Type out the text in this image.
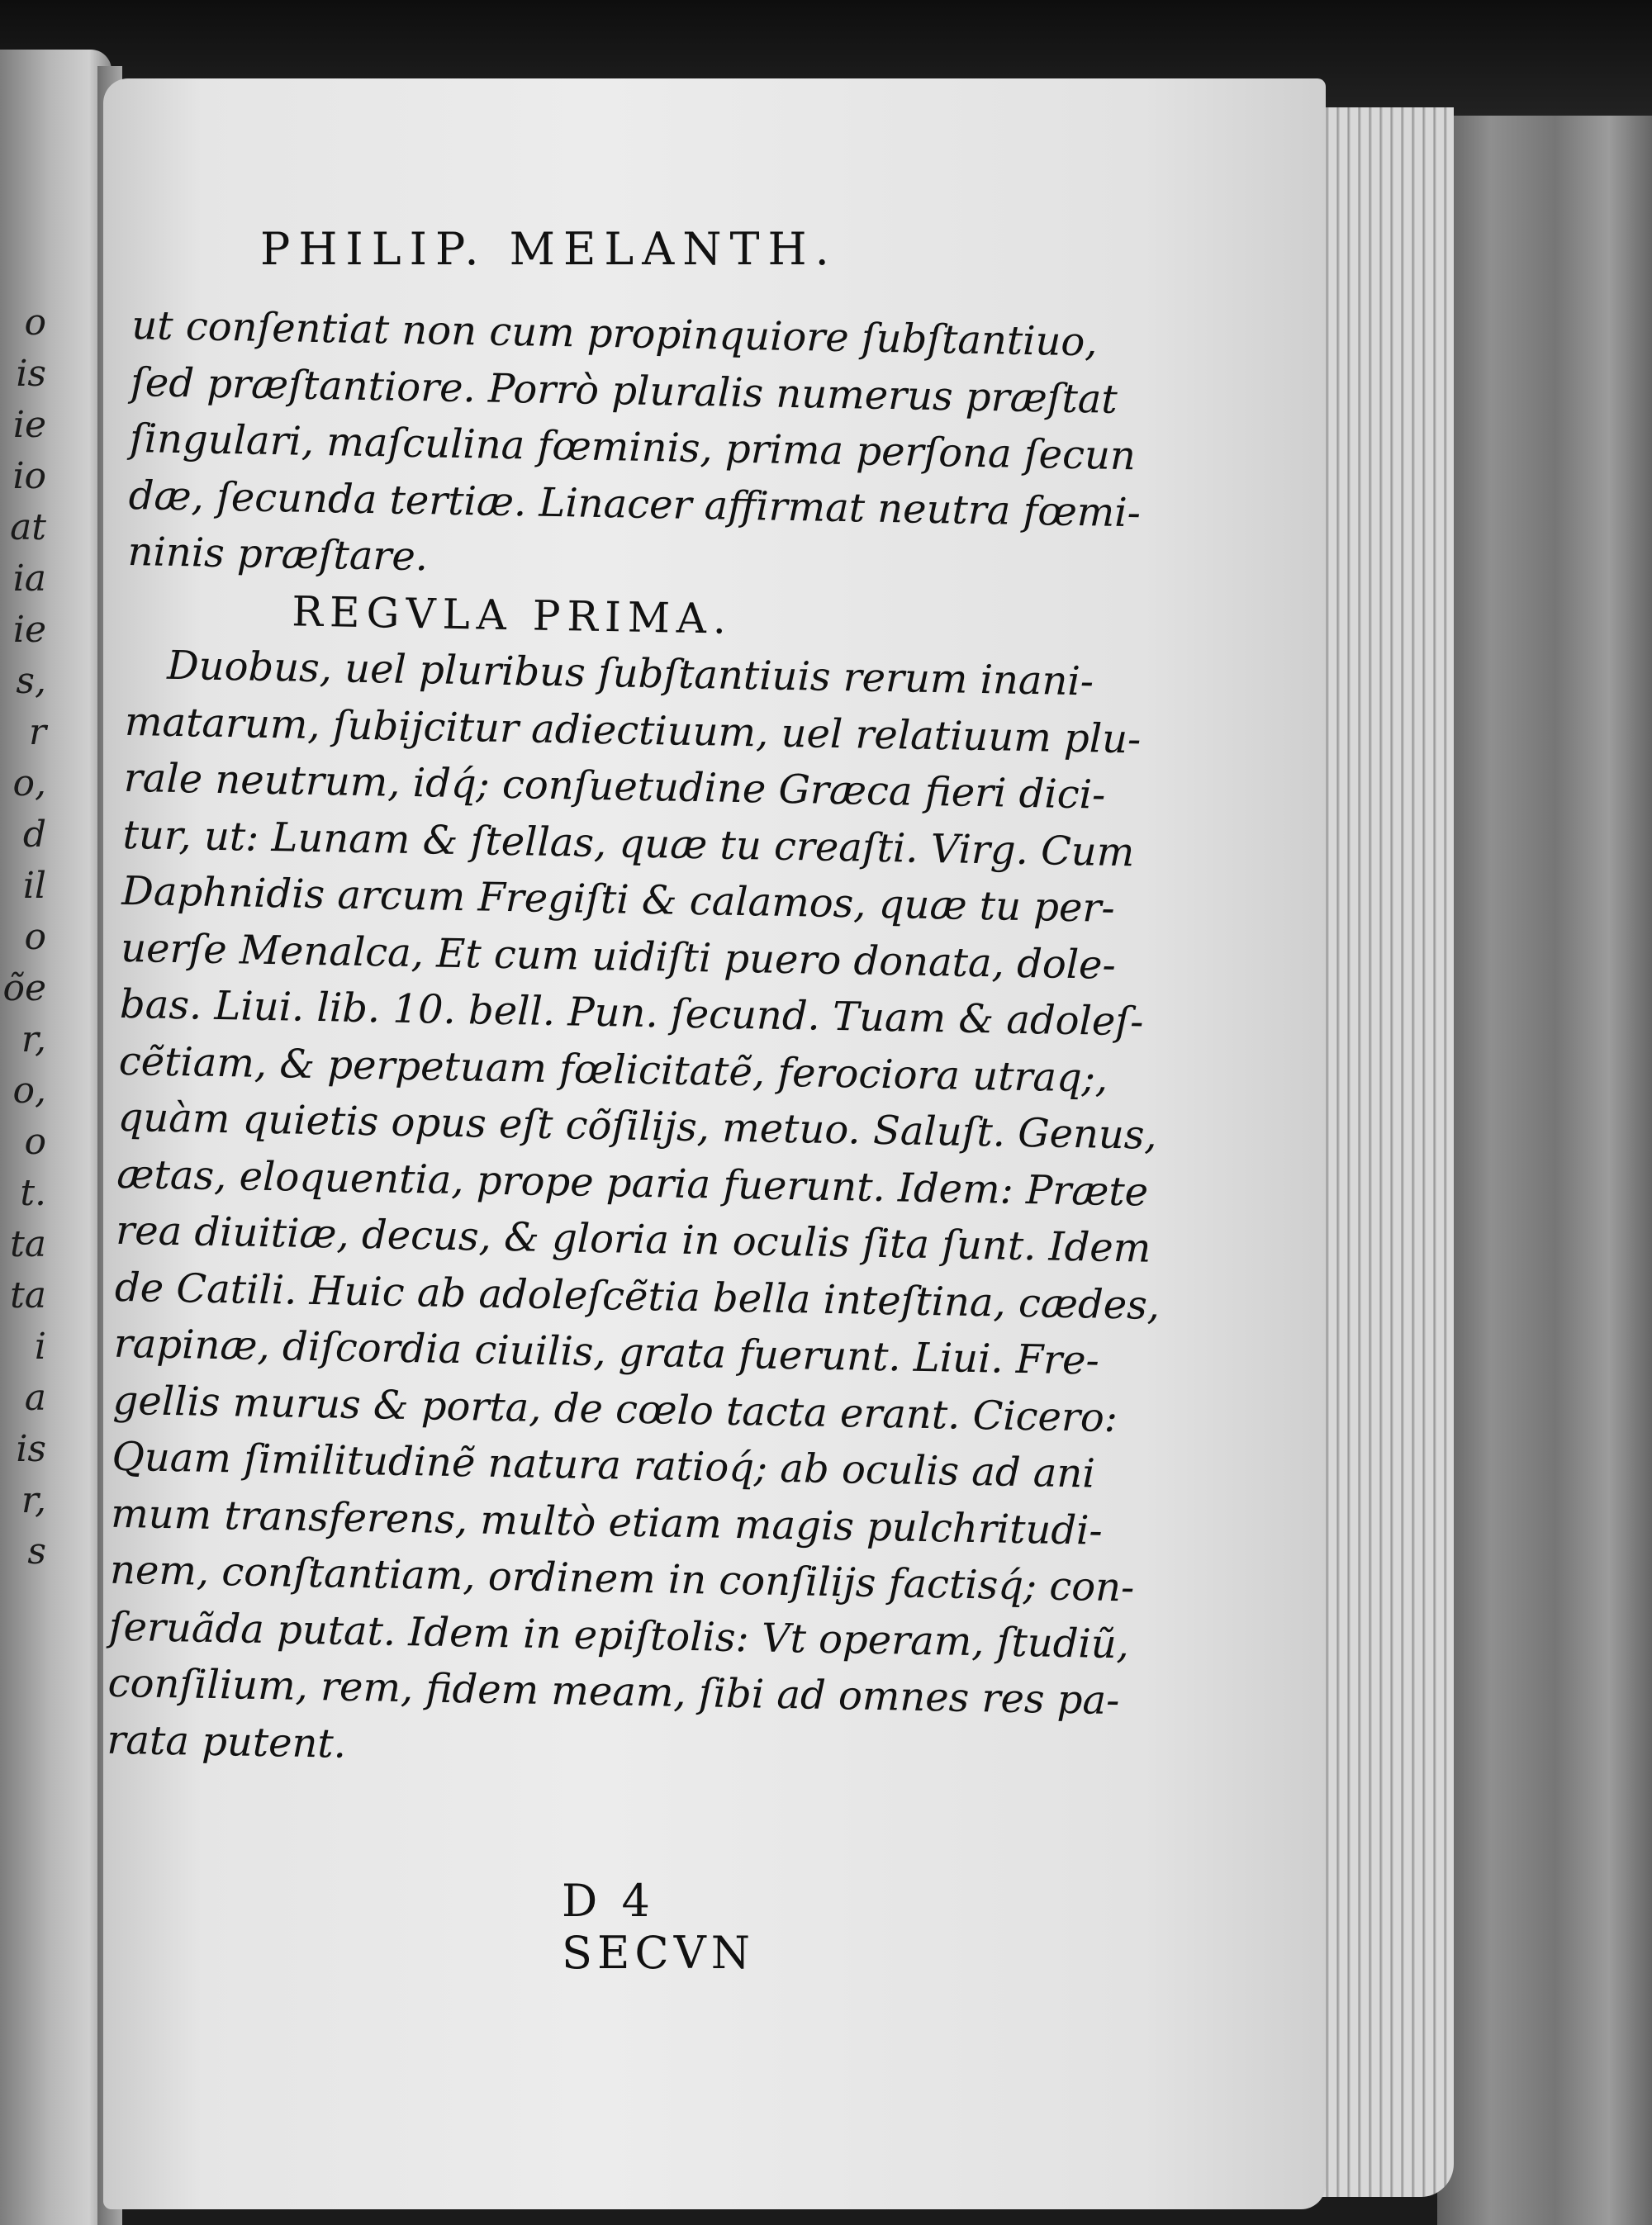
o
is
ie
io
at
ia
ie
s,
r
o,
d
il
o
õe
r,
o,
o
t.
ta
ta
i
a
is
r,
s
PHILIP. MELANTH.
ut conſentiat non cum propinquiore ſubſtantiuo,
ſed præſtantiore. Porrò pluralis numerus præſtat
ſingulari, maſculina fœminis, prima perſona ſecun
dæ, ſecunda tertiæ. Linacer affirmat neutra fœmi-
ninis præſtare.
REGVLA PRIMA.
Duobus, uel pluribus ſubſtantiuis rerum inani-
matarum, ſubijcitur adiectiuum, uel relatiuum plu-
rale neutrum, idq́; conſuetudine Græca fieri dici-
tur, ut: Lunam & ſtellas, quæ tu creaſti. Virg. Cum
Daphnidis arcum Fregiſti & calamos, quæ tu per-
uerſe Menalca, Et cum uidiſti puero donata, dole-
bas. Liui. lib. 10. bell. Pun. ſecund. Tuam & adoleſ-
cẽtiam, & perpetuam fœlicitatẽ, ferociora utraq;,
quàm quietis opus eſt cõſilijs, metuo. Saluſt. Genus,
ætas, eloquentia, prope paria fuerunt. Idem: Præte
rea diuitiæ, decus, & gloria in oculis ſita ſunt. Idem
de Catili. Huic ab adoleſcẽtia bella inteſtina, cædes,
rapinæ, diſcordia ciuilis, grata fuerunt. Liui. Fre-
gellis murus & porta, de cœlo tacta erant. Cicero:
Quam ſimilitudinẽ natura ratioq́; ab oculis ad ani
mum transferens, multò etiam magis pulchritudi-
nem, conſtantiam, ordinem in conſilijs factisq́; con-
ſeruãda putat. Idem in epiſtolis: Vt operam, ſtudiũ,
conſilium, rem, fidem meam, ſibi ad omnes res pa-
rata putent.
D 4 SECVN
